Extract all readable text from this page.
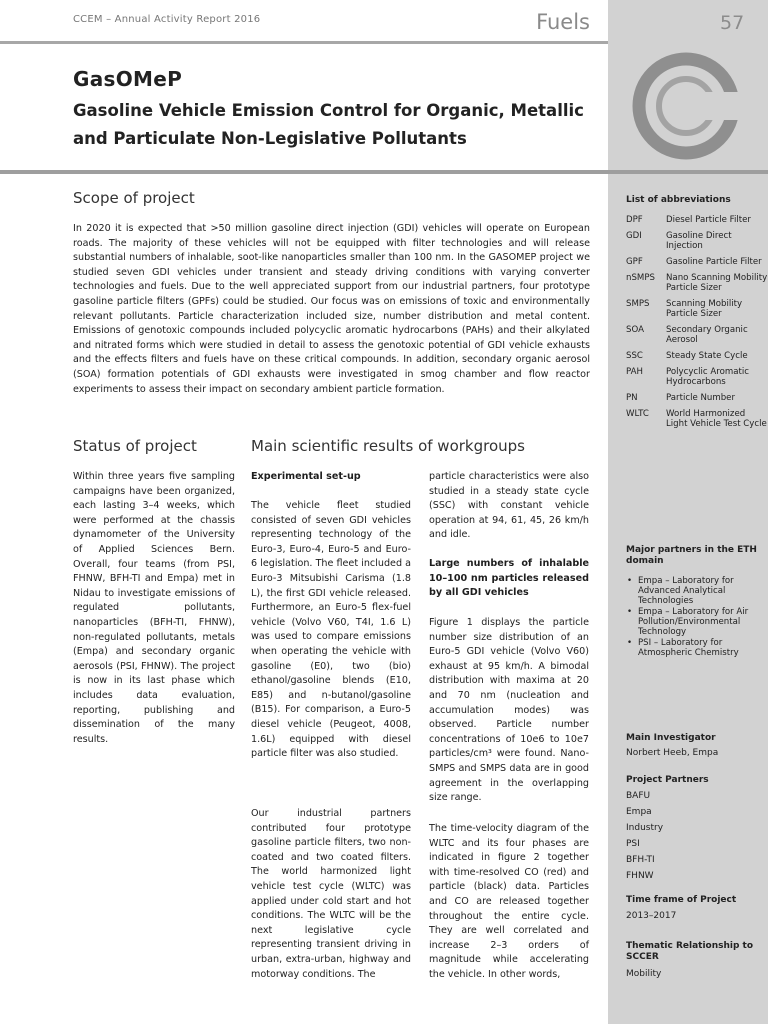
CCEM – Annual Activity Report 2016	Fuels	57
GasOMeP
Gasoline Vehicle Emission Control for Organic, Metallic and Particulate Non-Legislative Pollutants
Scope of project

In 2020 it is expected that >50 million gasoline direct injection (GDI) vehicles will operate on European roads. The majority of these vehicles will not be equipped with filter technologies and will release substantial numbers of inhalable, soot-like nanoparticles smaller than 100 nm. In the GASOMEP project we studied seven GDI vehicles under transient and steady driving conditions with varying converter technologies and fuels. Due to the well appreciated support from our industrial partners, four prototype gasoline particle filters (GPFs) could be studied. Our focus was on emissions of toxic and environmentally relevant pollutants. Particle characterization included size, number distribution and metal content. Emissions of genotoxic compounds included polycyclic aromatic hydrocarbons (PAHs) and their alkylated and nitrated forms which were studied in detail to assess the genotoxic potential of GDI vehicle exhausts and the effects filters and fuels have on these critical compounds. In addition, secondary organic aerosol (SOA) formation potentials of GDI exhausts were investigated in smog chamber and flow reactor experiments to assess their impact on secondary ambient particle formation.

Status of project

Within three years five sampling campaigns have been organized, each lasting 3–4 weeks, which were performed at the chassis dynamometer of the University of Applied Sciences Bern. Overall, four teams (from PSI, FHNW, BFH-TI and Empa) met in Nidau to investigate emissions of regulated pollutants, nanoparticles (BFH-TI, FHNW), non-regulated pollutants, metals (Empa) and secondary organic aerosols (PSI, FHNW). The project is now in its last phase which includes data evaluation, reporting, publishing and dissemination of the many results.

Main scientific results of workgroups
Experimental set-up

The vehicle fleet studied consisted of seven GDI vehicles representing technology of the Euro-3, Euro-4, Euro-5 and Euro-6 legislation. The fleet included a Euro-3 Mitsubishi Carisma (1.8 L), the first GDI vehicle released. Furthermore, an Euro-5 flex-fuel vehicle (Volvo V60, T4I, 1.6 L) was used to compare emissions when operating the vehicle with gasoline (E0), two (bio) ethanol/gasoline blends (E10, E85) and n-butanol/gasoline (B15). For comparison, a Euro-5 diesel vehicle (Peugeot, 4008, 1.6L) equipped with diesel particle filter was also studied.

Our industrial partners contributed four prototype gasoline particle filters, two non-coated and two coated filters. The world harmonized light vehicle test cycle (WLTC) was applied under cold start and hot conditions. The WLTC will be the next legislative cycle representing transient driving in urban, extra-urban, highway and motorway conditions. The

particle characteristics were also studied in a steady state cycle (SSC) with constant vehicle operation at 94, 61, 45, 26 km/h and idle.

Large numbers of inhalable 10–100 nm particles released by all GDI vehicles

Figure 1 displays the particle number size distribution of an Euro-5 GDI vehicle (Volvo V60) exhaust at 95 km/h. A bimodal distribution with maxima at 20 and 70 nm (nucleation and accumulation modes) was observed. Particle number concentrations of 10e6 to 10e7 particles/cm³ were found. Nano-SMPS and SMPS data are in good agreement in the overlapping size range.

The time-velocity diagram of the WLTC and its four phases are indicated in figure 2 together with time-resolved CO (red) and particle (black) data. Particles and CO are released together throughout the entire cycle. They are well correlated and increase 2–3 orders of magnitude while accelerating the vehicle. In other words,

List of abbreviations
DPF	Diesel Particle Filter
GDI	Gasoline Direct Injection
GPF	Gasoline Particle Filter
nSMPS	Nano Scanning Mobility Particle Sizer
SMPS	Scanning Mobility Particle Sizer
SOA	Secondary Organic Aerosol
SSC	Steady State Cycle
PAH	Polycyclic Aromatic Hydrocarbons
PN	Particle Number
WLTC	World Harmonized Light Vehicle Test Cycle
Major partners in the ETH domain
• Empa – Laboratory for Advanced Analytical Technologies
• Empa – Laboratory for Air Pollution/Environmental Technology
• PSI – Laboratory for Atmospheric Chemistry
Main Investigator
Norbert Heeb, Empa
Project Partners
BAFU
Empa
Industry
PSI
BFH-TI
FHNW
Time frame of Project
2013–2017
Thematic Relationship to SCCER
Mobility
